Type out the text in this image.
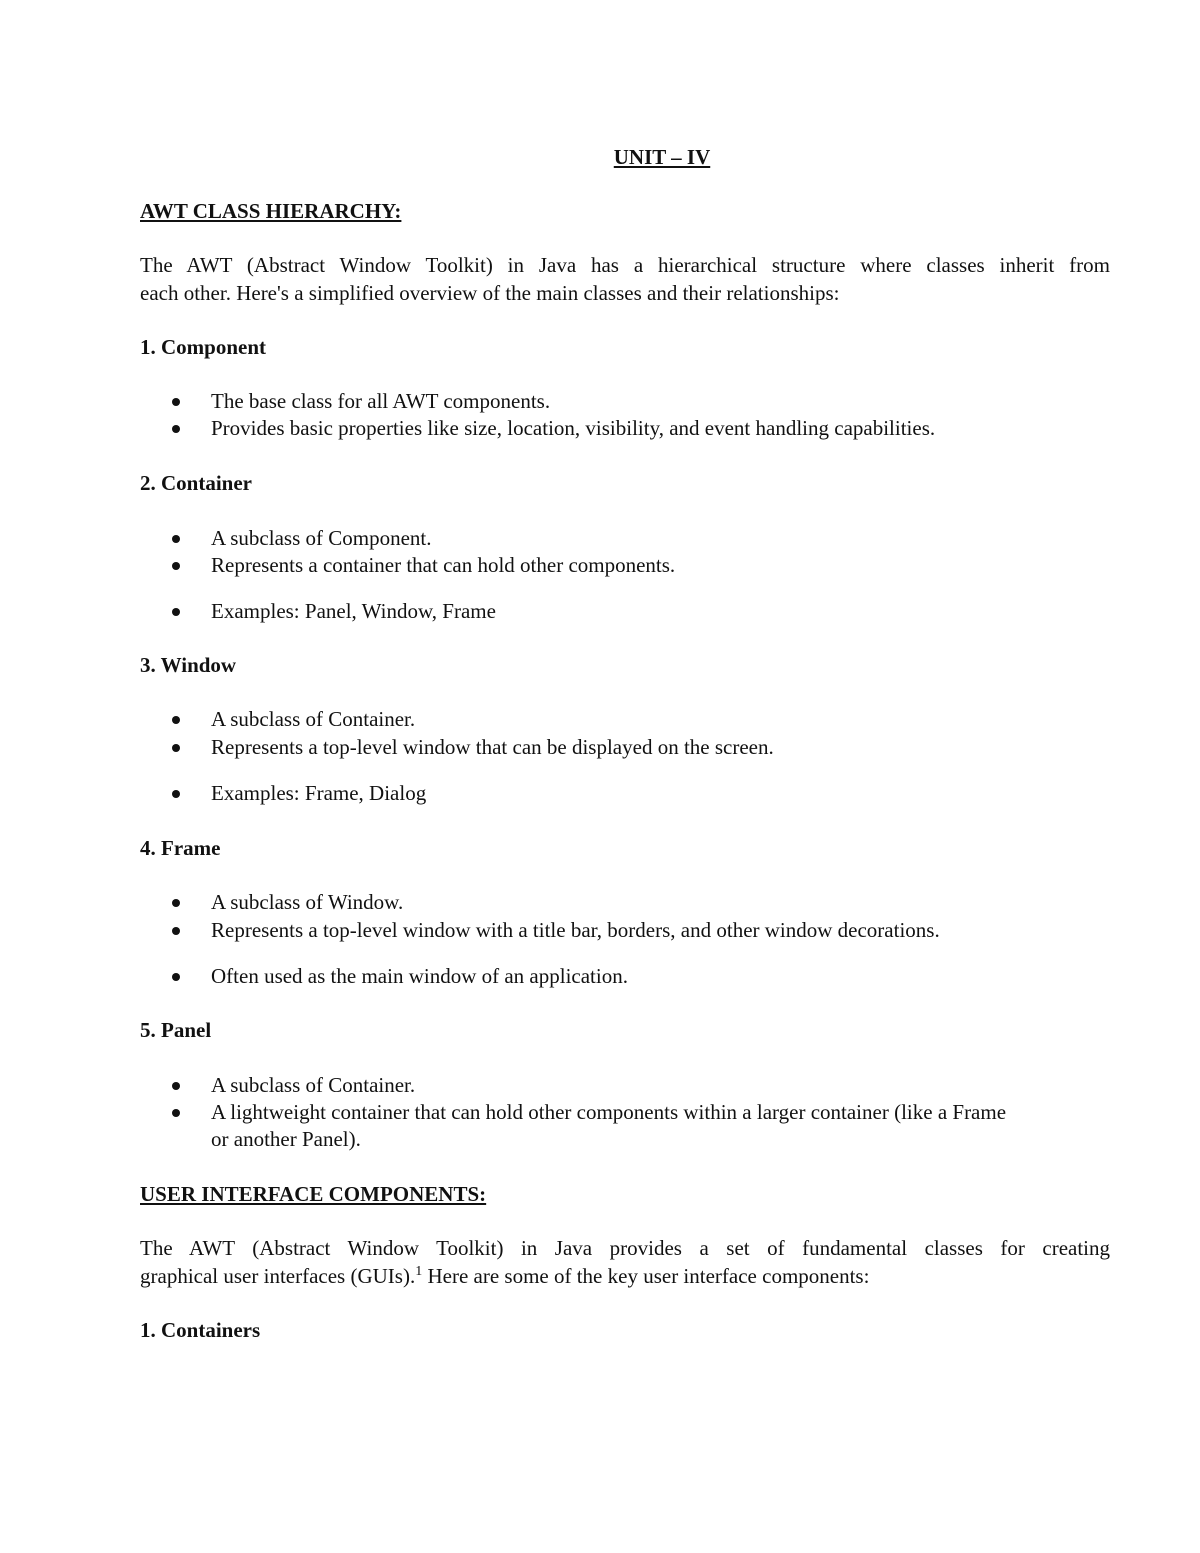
UNIT – IV

AWT CLASS HIERARCHY:

The AWT (Abstract Window Toolkit) in Java has a hierarchical structure where classes inherit from

each other. Here's a simplified overview of the main classes and their relationships:

1. Component

The base class for all AWT components.
Provides basic properties like size, location, visibility, and event handling capabilities.

2. Container

A subclass of Component.
Represents a container that can hold other components.
Examples: Panel, Window, Frame

3. Window

A subclass of Container.
Represents a top-level window that can be displayed on the screen.
Examples: Frame, Dialog

4. Frame

A subclass of Window.
Represents a top-level window with a title bar, borders, and other window decorations.
Often used as the main window of an application.

5. Panel

A subclass of Container.
A lightweight container that can hold other components within a larger container (like a Frame

or another Panel).

USER INTERFACE COMPONENTS:

The AWT (Abstract Window Toolkit) in Java provides a set of fundamental classes for creating

graphical user interfaces (GUIs).$^1$ Here are some of the key user interface components:

1. Containers
